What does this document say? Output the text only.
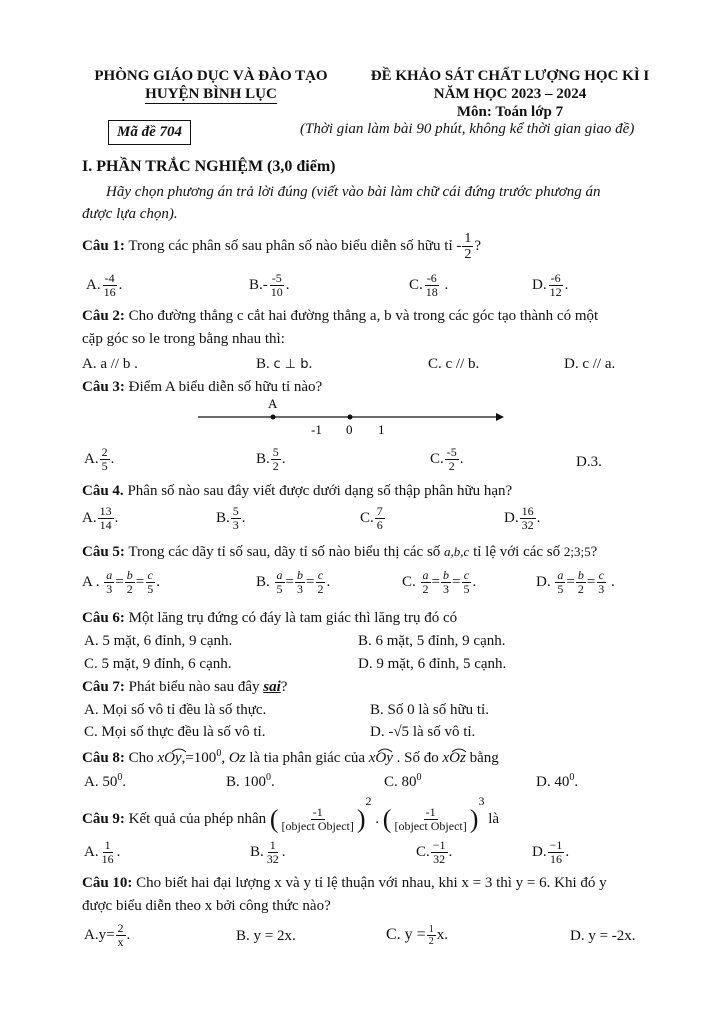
PHÒNG GIÁO DỤC VÀ ĐÀO TẠO
HUYỆN BÌNH LỤC
ĐỀ KHẢO SÁT CHẤT LƯỢNG HỌC KÌ I
NĂM HỌC 2023 – 2024
Môn: Toán lớp 7
Mã đề 704	(Thời gian làm bài 90 phút, không kể thời gian giao đề)
I. PHẦN TRẮC NGHIỆM (3,0 điểm)
Hãy chọn phương án trả lời đúng (viết vào bài làm chữ cái đứng trước phương án
được lựa chọn).
Câu 1: Trong các phân số sau phân số nào biểu diễn số hữu tỉ - $\frac{1}{2}$ ?
A. $\frac{-4}{16}$ .	$B.- \frac{-5}{10}$ .	C. $\frac{-6}{18}$ .	D. $\frac{-6}{12}$ .
Câu 2: Cho đường thẳng c cắt hai đường thẳng a, b và trong các góc tạo thành có một
cặp góc so le trong bằng nhau thì:
A. a // b .	B. c ⊥ b.	C. c // b.	D. c // a.
Câu 3: Điểm A biểu diễn số hữu tỉ nào?
A
-1 0 1
A. $\frac{2}{5}$ .	B. $\frac{5}{2}$ .	C. $\frac{-5}{2}$ .	D.3.
Câu 4. Phân số nào sau đây viết được dưới dạng số thập phân hữu hạn?
A. $\frac{13}{14}$ .	B. $\frac{5}{3}$ .	C. $\frac{7}{6}$	D. $\frac{16}{32}$ .
Câu 5: Trong các dãy tỉ số sau, dãy tỉ số nào biểu thị các số a,b,c tỉ lệ với các số 2;3;5?
A . $\frac{a}{3} = \frac{b}{2} = \frac{c}{5}$ .	B. $\frac{a}{5} = \frac{b}{3} = \frac{c}{2}$ .	C. $\frac{a}{2} = \frac{b}{3} = \frac{c}{5}$ .	D. $\frac{a}{5} = \frac{b}{2} = \frac{c}{3}$ .
Câu 6: Một lăng trụ đứng có đáy là tam giác thì lăng trụ đó có
A. 5 mặt, 6 đỉnh, 9 cạnh.	B. 6 mặt, 5 đỉnh, 9 cạnh.
C. 5 mặt, 9 đỉnh, 6 cạnh.	D. 9 mặt, 6 đỉnh, 5 cạnh.
Câu 7: Phát biểu nào sau đây sai?
A. Mọi số vô tỉ đều là số thực.	B. Số 0 là số hữu tỉ.
C. Mọi số thực đều là số vô tỉ.	D. -√5 là số vô tỉ.
Câu 8: Cho xOy
$,=100^0$, Oz là tia phân giác của xOy
. Số đo xOz
bằng
A. $50^0$.	B. $100^0$.	C. $80^0$	D. $40^0$.
Câu 9: Kết quả của phép nhân ( $\frac{-1}{\text{[object Object]}} )^2$ . ( $\frac{-1}{\text{[object Object]}} )^3$ là
A. $\frac{1}{16}$ .	B. $\frac{1}{32}$ .	C. $\frac{-1}{32}$ .	D. $\frac{-1}{16}$ .
Câu 10: Cho biết hai đại lượng x và y tỉ lệ thuận với nhau, khi x = 3 thì y = 6. Khi đó y
được biểu diễn theo x bởi công thức nào?
$A.y= \frac{2}{x}$ .	B. y = 2x.	C. $y = \frac{1}{2} x$.	D. y = -2x.
